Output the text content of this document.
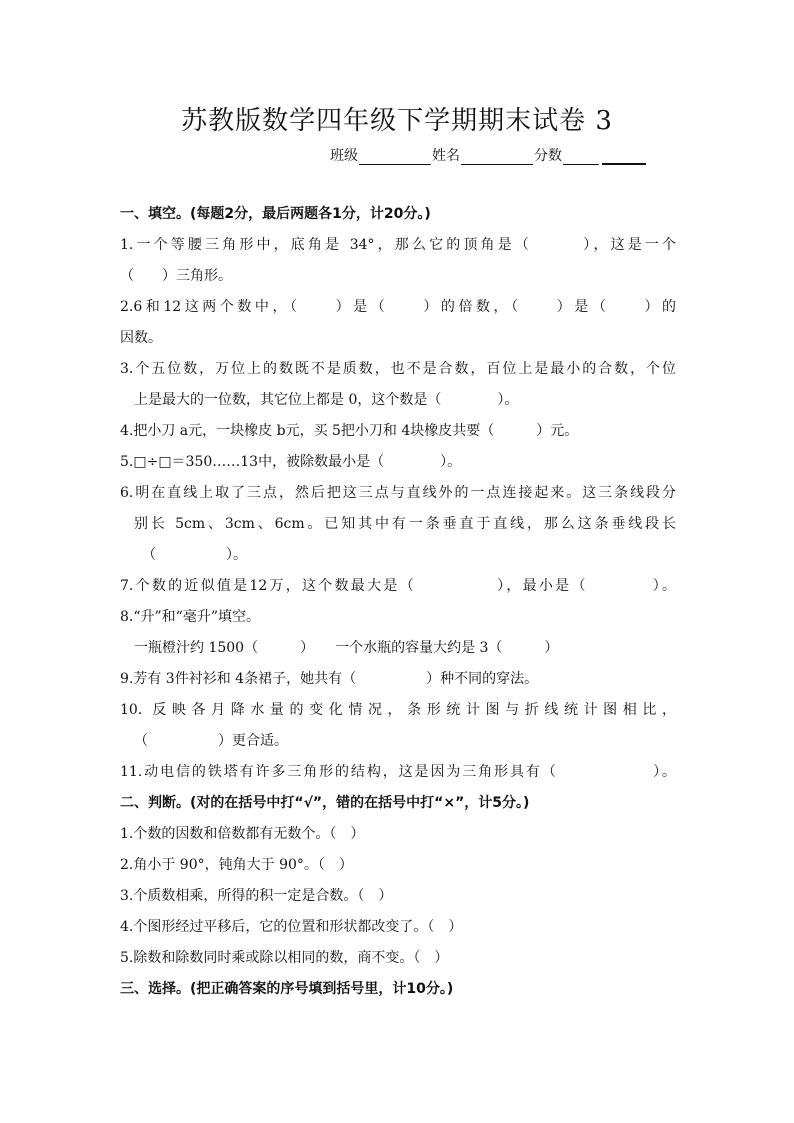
苏教版数学四年级下学期期末试卷 3
班级	姓名	分数
一、填空。(每题2分，最后两题各1分，计20分。)
1.一个等腰三角形中，底角是 34°，那么它的顶角是（　　　），这是一个
（　　）三角形。
2.6和12这两个数中，（　　）是（　　）的倍数，（　　）是（　　）的
因数。
3.个五位数，万位上的数既不是质数，也不是合数，百位上是最小的合数，个位
上是最大的一位数，其它位上都是 0，这个数是（　　　　）。
4.把小刀 a元，一块橡皮 b元，买 5把小刀和 4块橡皮共要（　　　）元。
5.□÷□＝350……13中，被除数最小是（　　　　）。
6.明在直线上取了三点，然后把这三点与直线外的一点连接起来。这三条线段分
别长 5cm、3cm、6cm。已知其中有一条垂直于直线，那么这条垂线段长
（　　　　　）。
7.个数的近似值是12万，这个数最大是（　　　　　），最小是（　　　　）。
8.“升”和“毫升”填空。
一瓶橙汁约 1500（　　　）　　一个水瓶的容量大约是 3（　　　）
9.芳有 3件衬衫和 4条裙子，她共有（　　　　　）种不同的穿法。
10. 反映各月降水量的变化情况，条形统计图与折线统计图相比，
（　　　　　）更合适。
11.动电信的铁塔有许多三角形的结构，这是因为三角形具有（　　　　　　）。
二、判断。(对的在括号中打“√”，错的在括号中打“×”，计5分。)
1.个数的因数和倍数都有无数个。（　）
2.角小于 90°，钝角大于 90°。（　）
3.个质数相乘，所得的积一定是合数。（　）
4.个图形经过平移后，它的位置和形状都改变了。（　）
5.除数和除数同时乘或除以相同的数，商不变。（　）
三、选择。(把正确答案的序号填到括号里，计10分。)
